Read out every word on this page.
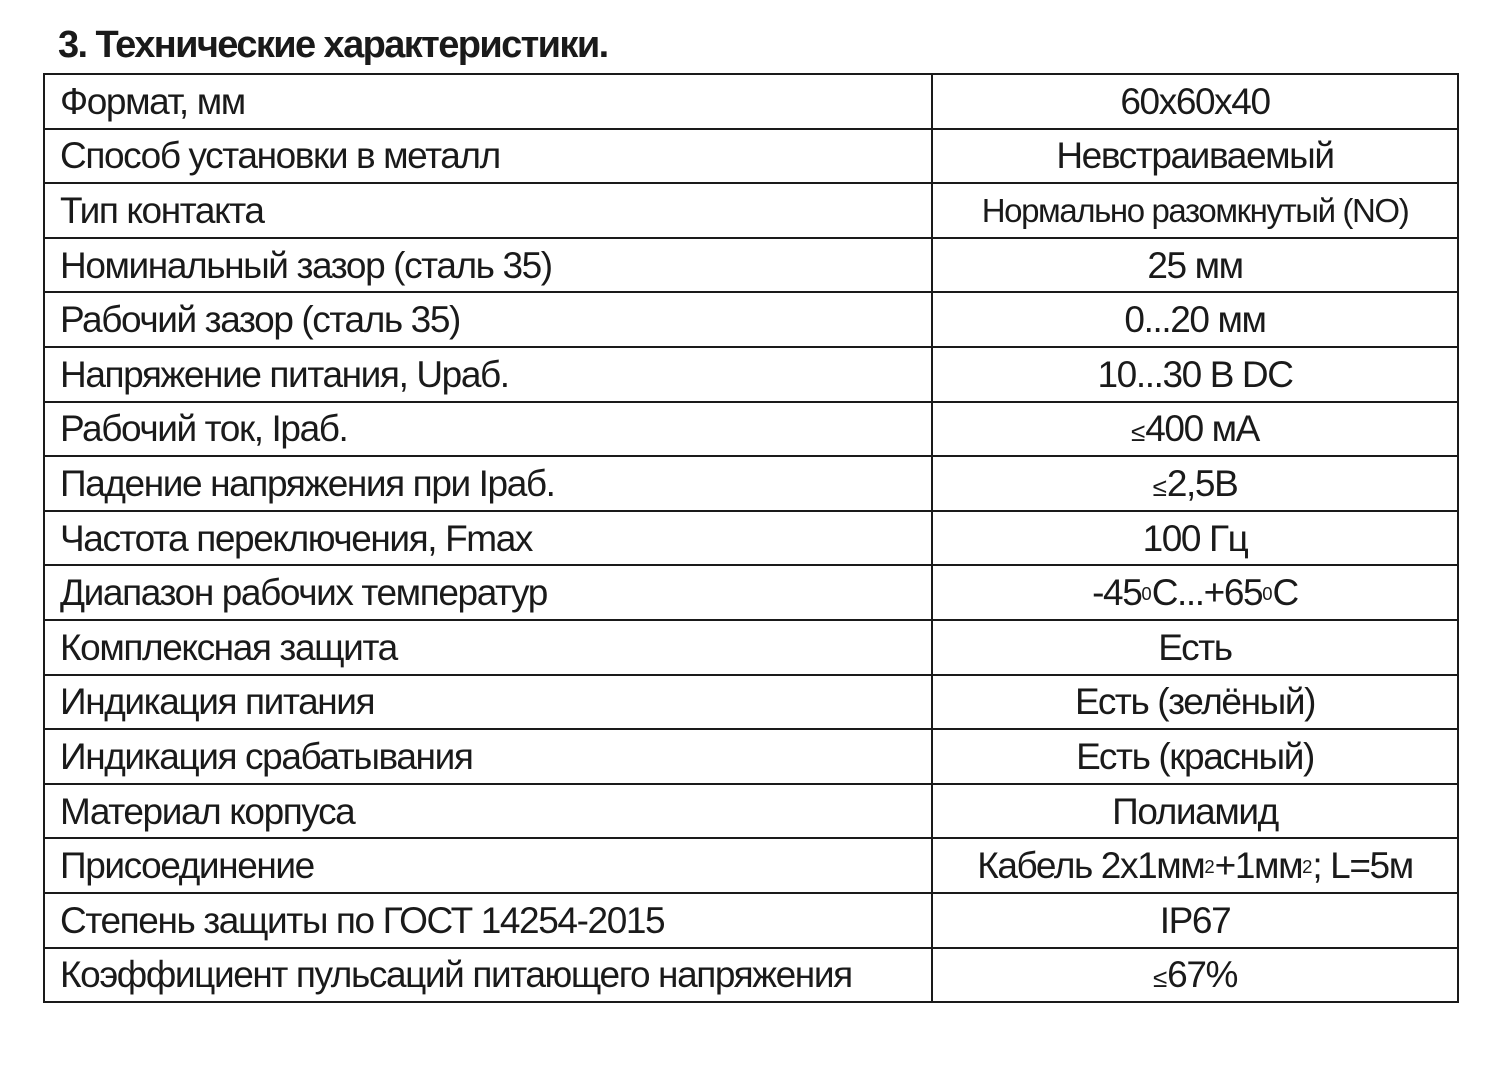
3. Технические характеристики.
Формат, мм	60x60x40
Способ установки в металл	Невстраиваемый
Тип контакта	Нормально разомкнутый (NO)
Номинальный зазор (сталь 35)	25 мм
Рабочий зазор (сталь 35)	0...20 мм
Напряжение питания, Uраб.	10...30 В DC
Рабочий ток, Iраб.	≤400 мА
Падение напряжения при Iраб.	≤2,5В
Частота переключения, Fmax	100 Гц
Диапазон рабочих температур	$-45^0C...+65^0C$
Комплексная защита	Есть
Индикация питания	Есть (зелёный)
Индикация срабатывания	Есть (красный)
Материал корпуса	Полиамид
Присоединение	Кабель $2х1мм^2+1мм^2$; L=5м
Степень защиты по ГОСТ 14254-2015	IP67
Коэффициент пульсаций питающего напряжения	≤67%
